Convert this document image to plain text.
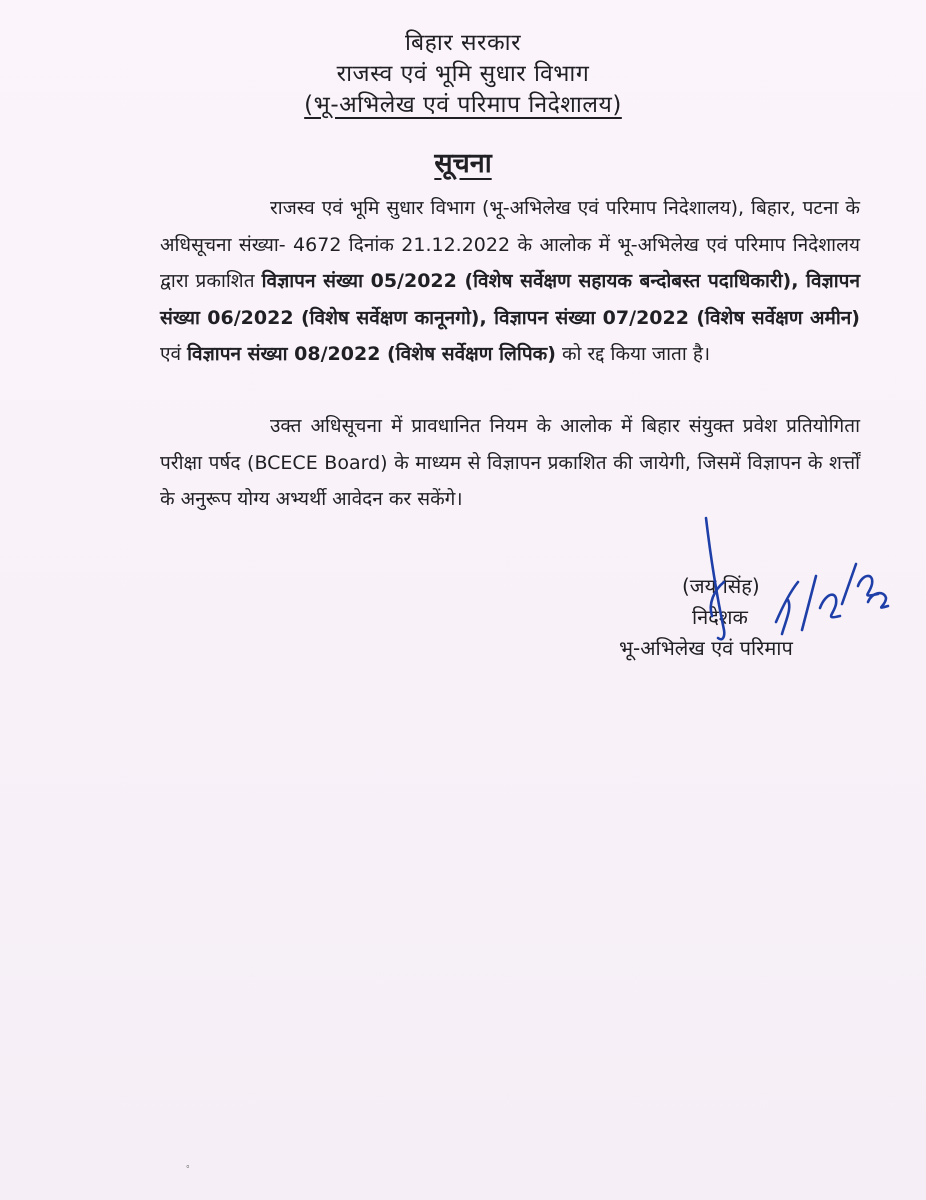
बिहार सरकार
राजस्व एवं भूमि सुधार विभाग
(भू-अभिलेख एवं परिमाप निदेशालय)
सूचना
राजस्व एवं भूमि सुधार विभाग (भू-अभिलेख एवं परिमाप निदेशालय), बिहार, पटना के अधिसूचना संख्या- 4672 दिनांक 21.12.2022 के आलोक में भू-अभिलेख एवं परिमाप निदेशालय द्वारा प्रकाशित विज्ञापन संख्या 05/2022 (विशेष सर्वेक्षण सहायक बन्दोबस्त पदाधिकारी), विज्ञापन संख्या 06/2022 (विशेष सर्वेक्षण कानूनगो), विज्ञापन संख्या 07/2022 (विशेष सर्वेक्षण अमीन) एवं विज्ञापन संख्या 08/2022 (विशेष सर्वेक्षण लिपिक) को रद्द किया जाता है।
उक्त अधिसूचना में प्रावधानित नियम के आलोक में बिहार संयुक्त प्रवेश प्रतियोगिता परीक्षा पर्षद (BCECE Board) के माध्यम से विज्ञापन प्रकाशित की जायेगी, जिसमें विज्ञापन के शर्त्तों के अनुरूप योग्य अभ्यर्थी आवेदन कर सकेंगे।
(जय सिंह)
निदेशक
भू-अभिलेख एवं परिमाप
ﾟ
